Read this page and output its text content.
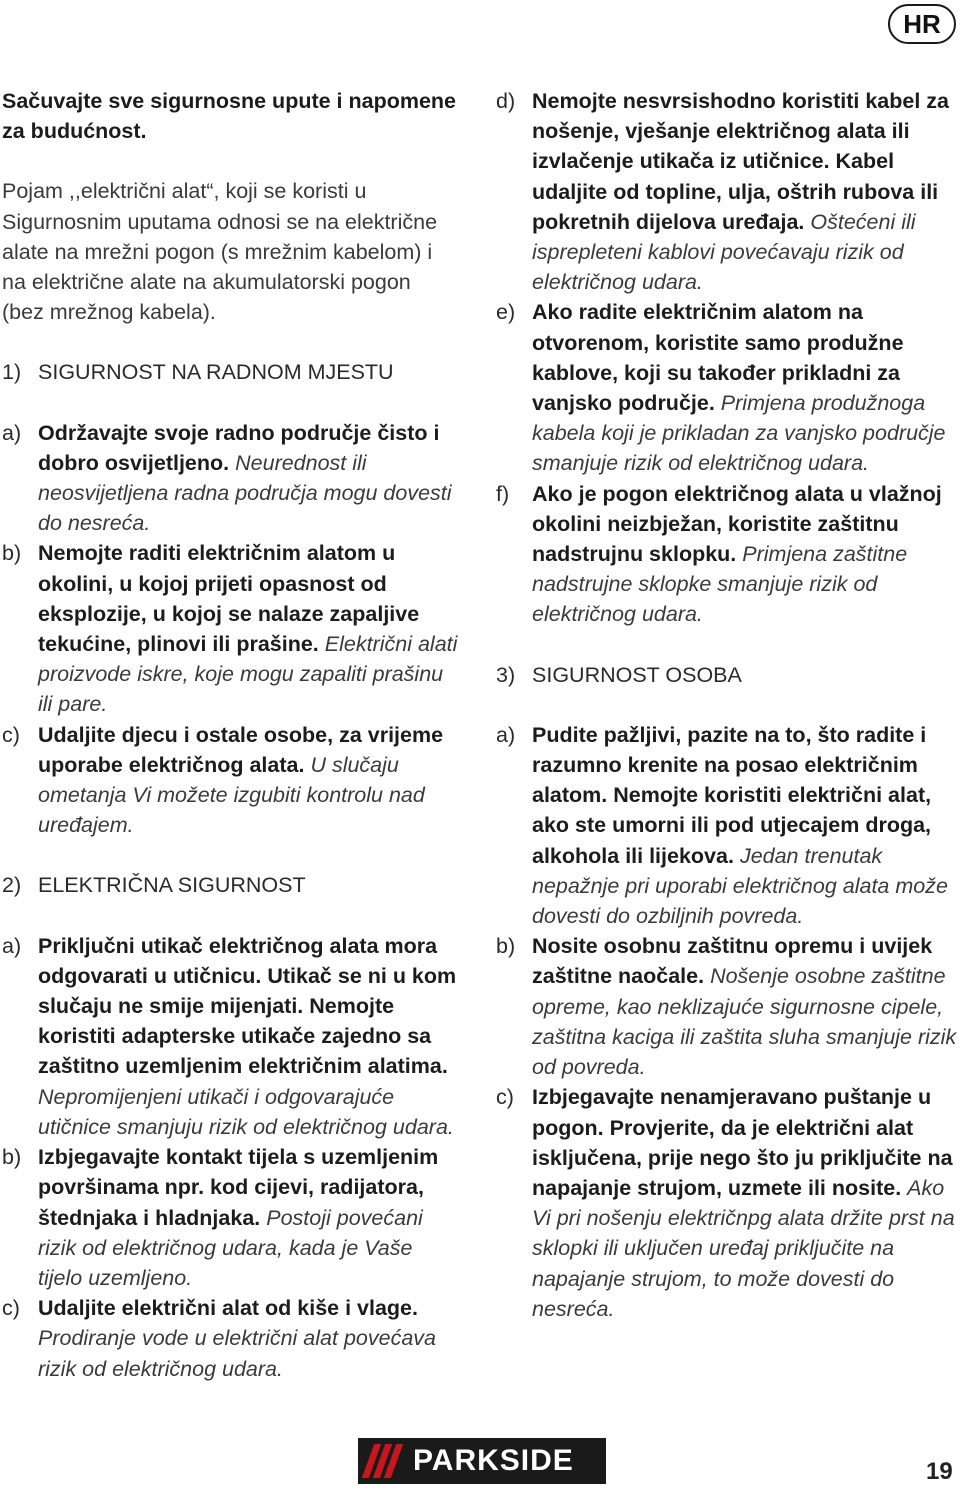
HR

Sačuvajte sve sigurnosne upute i napomene za budućnost.

Pojam ,,električni alat“, koji se koristi u Sigurnosnim uputama odnosi se na električne alate na mrežni pogon (s mrežnim kabelom) i na električne alate na akumulatorski pogon (bez mrežnog kabela).

1) SIGURNOST NA RADNOM MJESTU
a) Održavajte svoje radno područje čisto i dobro osvijetljeno. Neurednost ili neosvijetljena radna područja mogu dovesti do nesreća.
b) Nemojte raditi električnim alatom u okolini, u kojoj prijeti opasnost od eksplozije, u kojoj se nalaze zapaljive tekućine, plinovi ili prašine. Električni alati proizvode iskre, koje mogu zapaliti prašinu ili pare.
c) Udaljite djecu i ostale osobe, za vrijeme uporabe električnog alata. U slučaju ometanja Vi možete izgubiti kontrolu nad uređajem.
2) ELEKTRIČNA SIGURNOST
a) Priključni utikač električnog alata mora odgovarati u utičnicu. Utikač se ni u kom slučaju ne smije mijenjati. Nemojte koristiti adapterske utikače zajedno sa zaštitno uzemljenim električnim alatima. Nepromijenjeni utikači i odgovarajuće utičnice smanjuju rizik od električnog udara.
b) Izbjegavajte kontakt tijela s uzemljenim površinama npr. kod cijevi, radijatora, štednjaka i hladnjaka. Postoji povećani rizik od električnog udara, kada je Vaše tijelo uzemljeno.
c) Udaljite električni alat od kiše i vlage. Prodiranje vode u električni alat povećava rizik od električnog udara.
d) Nemojte nesvrsishodno koristiti kabel za nošenje, vješanje električnog alata ili izvlačenje utikača iz utičnice. Kabel udaljite od topline, ulja, oštrih rubova ili pokretnih dijelova uređaja. Oštećeni ili isprepleteni kablovi povećavaju rizik od električnog udara.
e) Ako radite električnim alatom na otvorenom, koristite samo produžne kablove, koji su također prikladni za vanjsko područje. Primjena produžnoga kabela koji je prikladan za vanjsko područje smanjuje rizik od električnog udara.
f)	Ako je pogon električnog alata u vlažnoj okolini neizbježan, koristite zaštitnu nadstrujnu sklopku. Primjena zaštitne nadstrujne sklopke smanjuje rizik od električnog udara.
3) SIGURNOST OSOBA
a) Pudite pažljivi, pazite na to, što radite i razumno krenite na posao električnim alatom. Nemojte koristiti električni alat, ako ste umorni ili pod utjecajem droga, alkohola ili lijekova. Jedan trenutak nepažnje pri uporabi električnog alata može dovesti do ozbiljnih povreda.
b) Nosite osobnu zaštitnu opremu i uvijek zaštitne naočale. Nošenje osobne zaštitne opreme, kao neklizajuće sigurnosne cipele, zaštitna kaciga ili zaštita sluha smanjuje rizik od povreda.
c) Izbjegavajte nenamjeravano puštanje u pogon. Provjerite, da je električni alat isključena, prije nego što ju priključite na napajanje strujom, uzmete ili nosite. Ako Vi pri nošenju električnpg alata držite prst na sklopki ili uključen uređaj priključite na napajanje strujom, to može dovesti do nesreća.
PARKSIDE	19
